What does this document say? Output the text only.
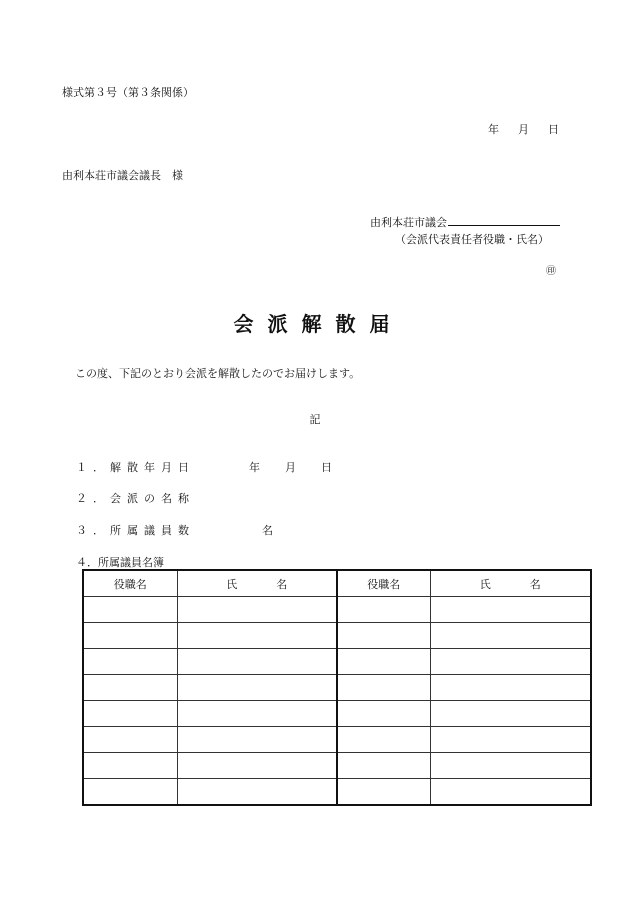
様式第３号（第３条関係）
年 月 日
由利本荘市議会議長　様
由利本荘市議会
（会派代表責任者役職・氏名）
㊞
会派解散届
この度、下記のとおり会派を解散したのでお届けします。
記
１．解散年月日	年 月 日
２．会派の名称
３．所属議員数	名
４．所属議員名簿
役職名	氏　名	役職名	氏　名
